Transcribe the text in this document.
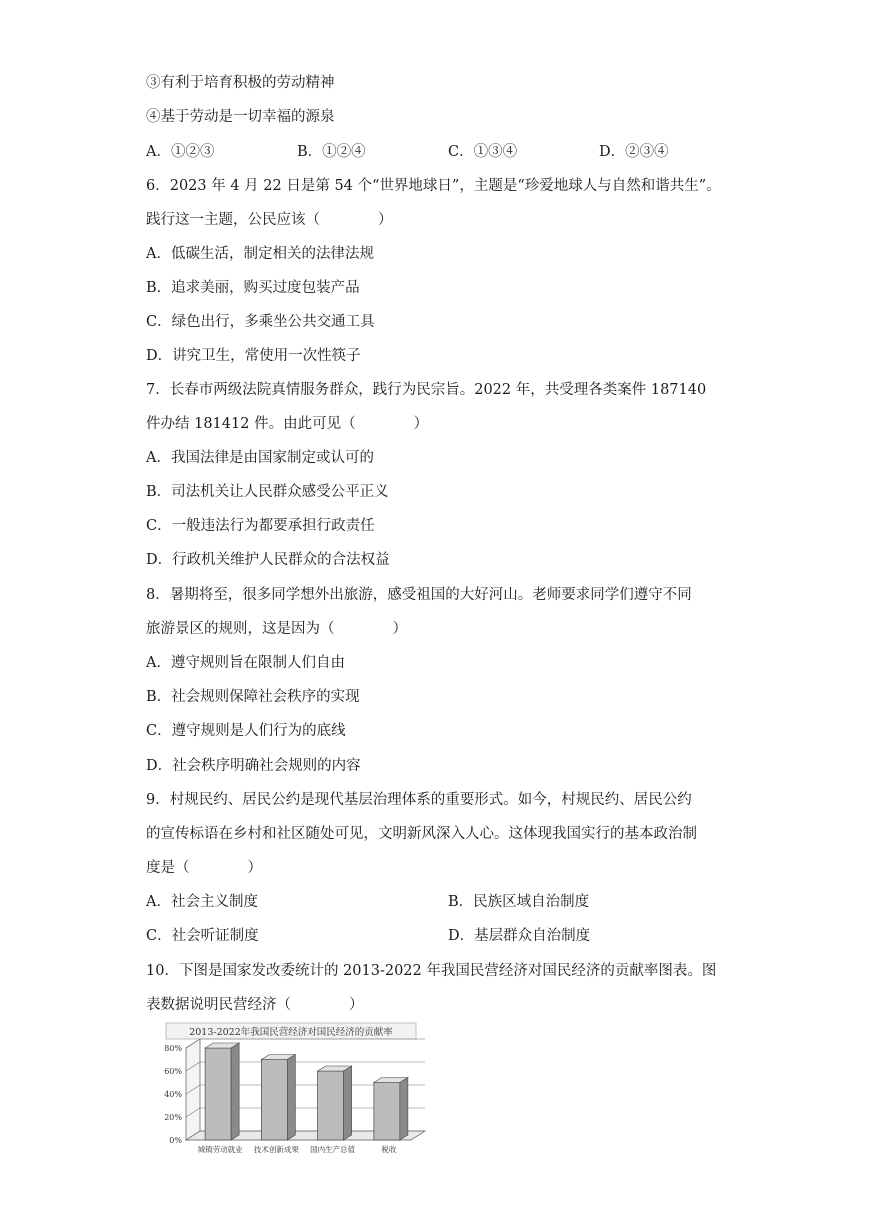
③有利于培育积极的劳动精神
④基于劳动是一切幸福的源泉
A．①②③	B．①②④	C．①③④	D．②③④
6．2023 年 4 月 22 日是第 54 个“世界地球日”，主题是“珍爱地球人与自然和谐共生”。
践行这一主题，公民应该（　　　　）
A．低碳生活，制定相关的法律法规
B．追求美丽，购买过度包装产品
C．绿色出行，多乘坐公共交通工具
D．讲究卫生，常使用一次性筷子
7．长春市两级法院真情服务群众，践行为民宗旨。2022 年，共受理各类案件 187140
件办结 181412 件。由此可见（　　　　）
A．我国法律是由国家制定或认可的
B．司法机关让人民群众感受公平正义
C．一般违法行为都要承担行政责任
D．行政机关维护人民群众的合法权益
8．暑期将至，很多同学想外出旅游，感受祖国的大好河山。老师要求同学们遵守不同
旅游景区的规则，这是因为（　　　　）
A．遵守规则旨在限制人们自由
B．社会规则保障社会秩序的实现
C．遵守规则是人们行为的底线
D．社会秩序明确社会规则的内容
9．村规民约、居民公约是现代基层治理体系的重要形式。如今，村规民约、居民公约
的宣传标语在乡村和社区随处可见，文明新风深入人心。这体现我国实行的基本政治制
度是（　　　　）
A．社会主义制度	B．民族区域自治制度
C．社会听证制度	D．基层群众自治制度
10．下图是国家发改委统计的 2013-2022 年我国民营经济对国民经济的贡献率图表。图
表数据说明民营经济（　　　　）
2013-2022年我国民营经济对国民经济的贡献率
0%
20%
40%
60%
80%
城镇劳动就业 技术创新成果 国内生产总值	税收
